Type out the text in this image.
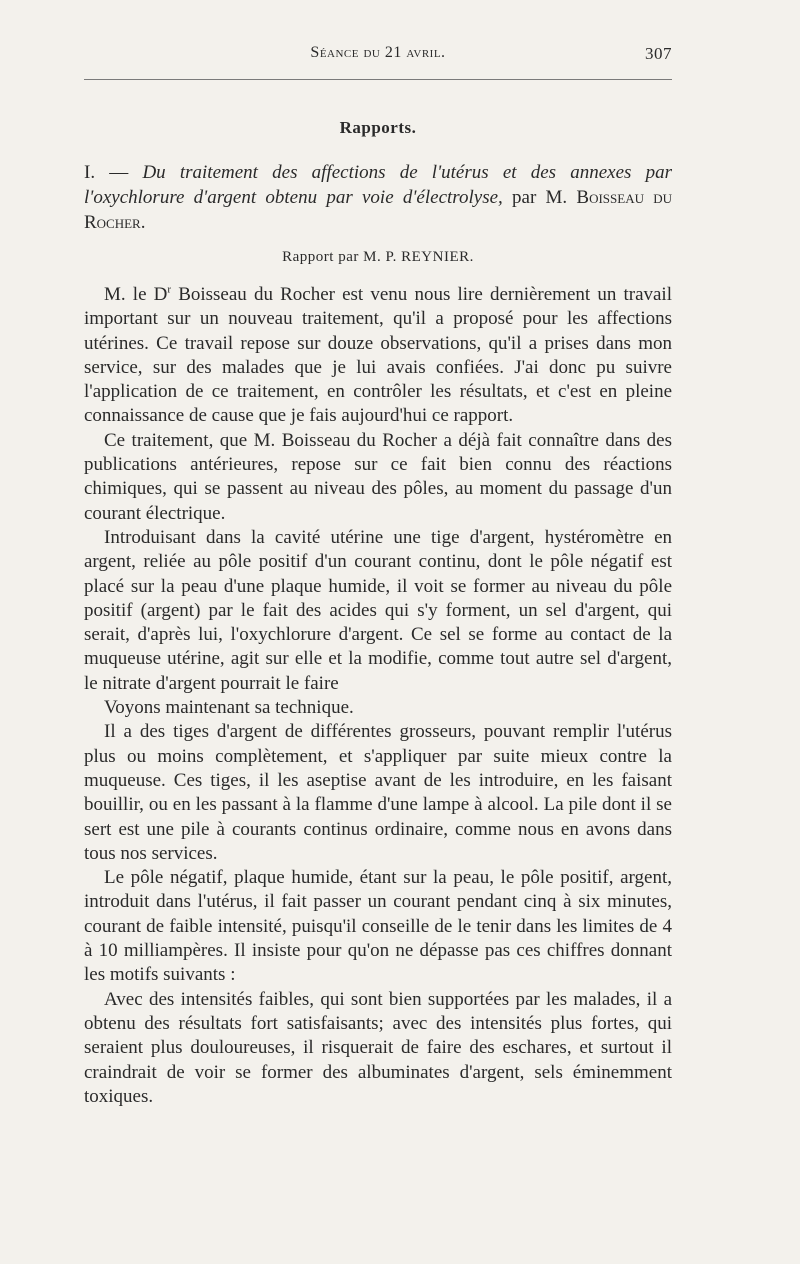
Séance du 21 avril.	307
Rapports.
I. — Du traitement des affections de l'utérus et des annexes par l'oxychlorure d'argent obtenu par voie d'électrolyse, par M. Boisseau du Rocher.
Rapport par M. P. REYNIER.

M. le $D^r$ Boisseau du Rocher est venu nous lire dernièrement un travail important sur un nouveau traitement, qu'il a proposé pour les affections utérines. Ce travail repose sur douze observations, qu'il a prises dans mon service, sur des malades que je lui avais confiées. J'ai donc pu suivre l'application de ce traitement, en contrôler les résultats, et c'est en pleine connaissance de cause que je fais aujourd'hui ce rapport.

Ce traitement, que M. Boisseau du Rocher a déjà fait connaître dans des publications antérieures, repose sur ce fait bien connu des réactions chimiques, qui se passent au niveau des pôles, au moment du passage d'un courant électrique.

Introduisant dans la cavité utérine une tige d'argent, hystéromètre en argent, reliée au pôle positif d'un courant continu, dont le pôle négatif est placé sur la peau d'une plaque humide, il voit se former au niveau du pôle positif (argent) par le fait des acides qui s'y forment, un sel d'argent, qui serait, d'après lui, l'oxychlorure d'argent. Ce sel se forme au contact de la muqueuse utérine, agit sur elle et la modifie, comme tout autre sel d'argent, le nitrate d'argent pourrait le faire

Voyons maintenant sa technique.

Il a des tiges d'argent de différentes grosseurs, pouvant remplir l'utérus plus ou moins complètement, et s'appliquer par suite mieux contre la muqueuse. Ces tiges, il les aseptise avant de les introduire, en les faisant bouillir, ou en les passant à la flamme d'une lampe à alcool. La pile dont il se sert est une pile à courants continus ordinaire, comme nous en avons dans tous nos services.

Le pôle négatif, plaque humide, étant sur la peau, le pôle positif, argent, introduit dans l'utérus, il fait passer un courant pendant cinq à six minutes, courant de faible intensité, puisqu'il conseille de le tenir dans les limites de 4 à 10 milliampères. Il insiste pour qu'on ne dépasse pas ces chiffres donnant les motifs suivants :

Avec des intensités faibles, qui sont bien supportées par les malades, il a obtenu des résultats fort satisfaisants; avec des intensités plus fortes, qui seraient plus douloureuses, il risquerait de faire des eschares, et surtout il craindrait de voir se former des albuminates d'argent, sels éminemment toxiques.
